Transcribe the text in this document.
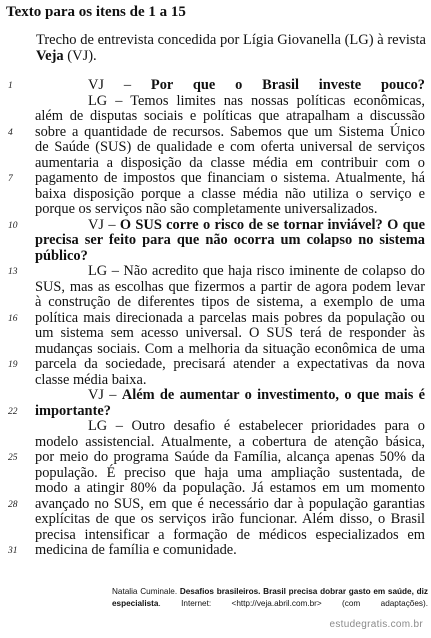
Texto para os itens de 1 a 15
Trecho de entrevista concedida por Lígia Giovanella (LG) à revista Veja (VJ).
1	VJ – Por que o Brasil investe pouco?
LG – Temos limites nas nossas políticas econômicas,
além de disputas sociais e políticas que atrapalham a discussão
4	sobre a quantidade de recursos. Sabemos que um Sistema Único
de Saúde (SUS) de qualidade e com oferta universal de serviços
aumentaria a disposição da classe média em contribuir com o
7	pagamento de impostos que financiam o sistema. Atualmente, há
baixa disposição porque a classe média não utiliza o serviço e
porque os serviços não são completamente universalizados.
10	VJ – O SUS corre o risco de se tornar inviável? O que
precisa ser feito para que não ocorra um colapso no sistema
público?
13	LG – Não acredito que haja risco iminente de colapso do
SUS, mas as escolhas que fizermos a partir de agora podem levar
à construção de diferentes tipos de sistema, a exemplo de uma
16	política mais direcionada a parcelas mais pobres da população ou
um sistema sem acesso universal. O SUS terá de responder às
mudanças sociais. Com a melhoria da situação econômica de uma
19	parcela da sociedade, precisará atender a expectativas da nova
classe média baixa.
VJ – Além de aumentar o investimento, o que mais é
22	importante?
LG – Outro desafio é estabelecer prioridades para o
modelo assistencial. Atualmente, a cobertura de atenção básica,
25	por meio do programa Saúde da Família, alcança apenas 50% da
população. É preciso que haja uma ampliação sustentada, de
modo a atingir 80% da população. Já estamos em um momento
28	avançado no SUS, em que é necessário dar à população garantias
explícitas de que os serviços irão funcionar. Além disso, o Brasil
precisa intensificar a formação de médicos especializados em
31	medicina de família e comunidade.
Natalia Cuminale. Desafios brasileiros. Brasil precisa dobrar gasto em saúde, diz especialista. Internet: <http://veja.abril.com.br> (com adaptações).
estudegratis.com.br
